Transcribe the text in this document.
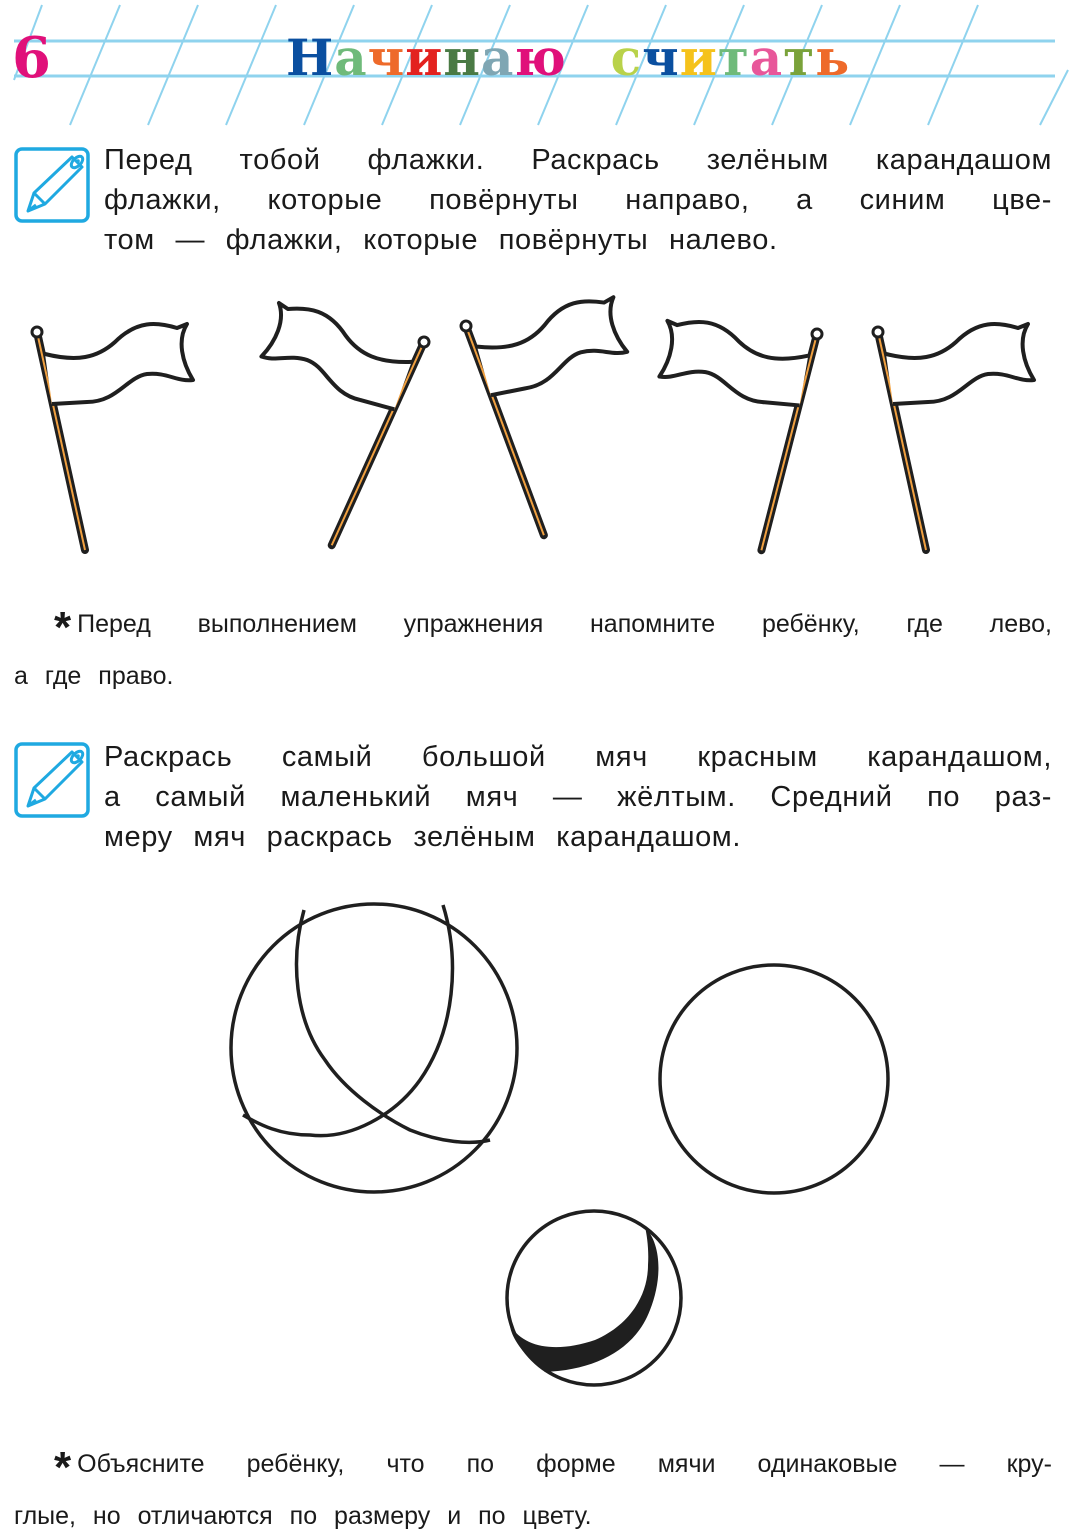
6	Начинаю считать
Перед тобой флажки. Раскрась зелёным карандашом
флажки, которые повёрнуты направо, а синим цве-
том — флажки, которые повёрнуты налево.
* Перед выполнением упражнения напомните ребёнку, где лево,
а где право.
Раскрась самый большой мяч красным карандашом,
а самый маленький мяч — жёлтым. Средний по раз-
меру мяч раскрась зелёным карандашом.
* Объясните ребёнку, что по форме мячи одинаковые — кру-
глые, но отличаются по размеру и по цвету.
